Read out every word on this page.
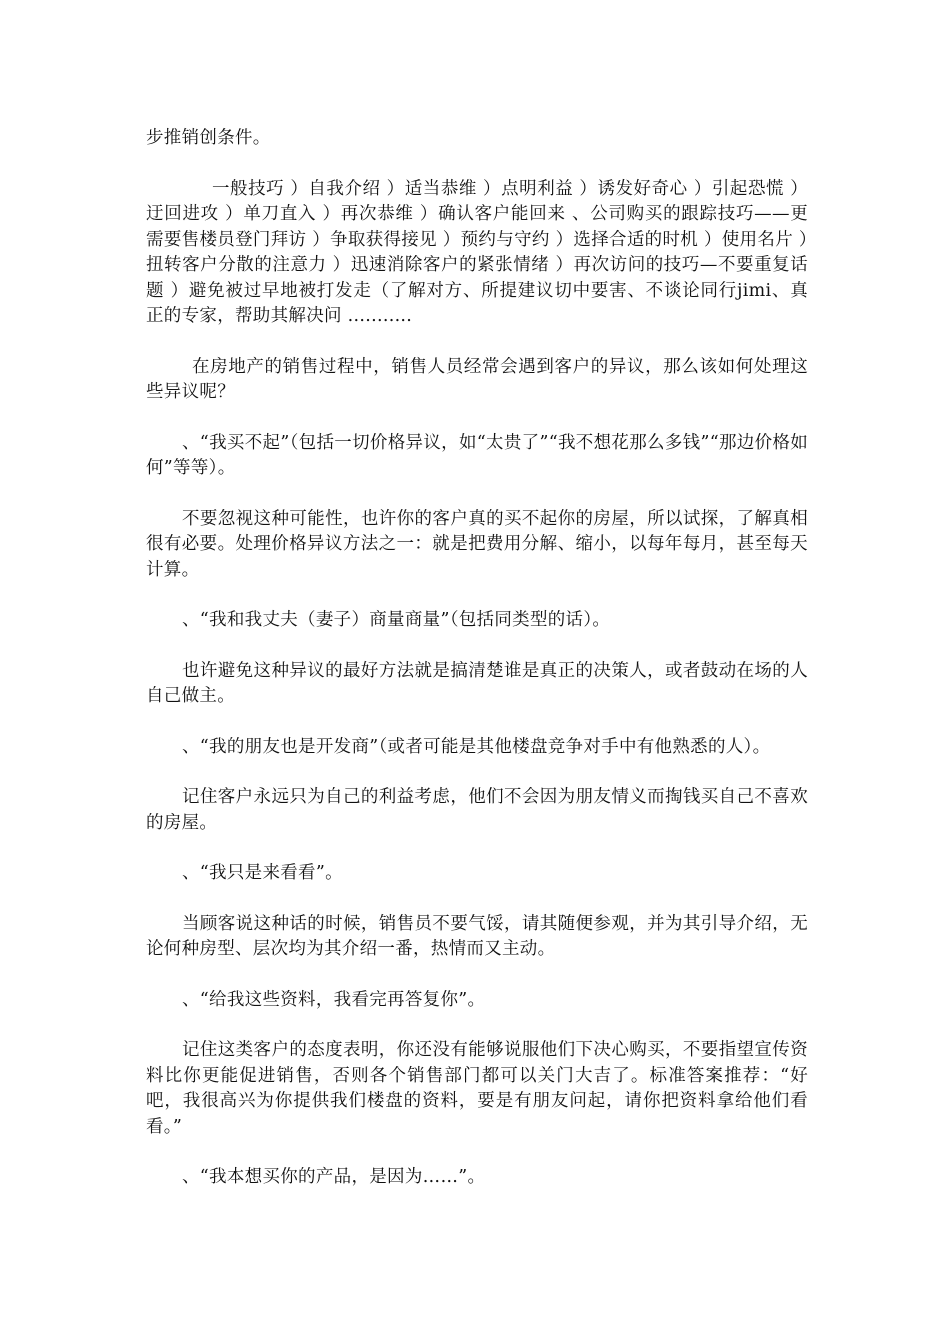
步推销创条件。

一般技巧 ）自我介绍 ）适当恭维 ）点明利益 ）诱发好奇心 ）引起恐慌 ）迂回进攻 ）单刀直入 ）再次恭维 ）确认客户能回来 、公司购买的跟踪技巧——更需要售楼员登门拜访 ）争取获得接见 ）预约与守约 ）选择合适的时机 ）使用名片 ）扭转客户分散的注意力 ）迅速消除客户的紧张情绪 ）再次访问的技巧—不要重复话题 ）避免被过早地被打发走（了解对方、所提建议切中要害、不谈论同行jimi、真正的专家，帮助其解决问 ...........

在房地产的销售过程中，销售人员经常会遇到客户的异议，那么该如何处理这些异议呢？

、“我买不起”（包括一切价格异议，如“太贵了”“我不想花那么多钱”“那边价格如何”等等）。

不要忽视这种可能性，也许你的客户真的买不起你的房屋，所以试探，了解真相很有必要。处理价格异议方法之一：就是把费用分解、缩小，以每年每月，甚至每天计算。

、“我和我丈夫（妻子）商量商量”（包括同类型的话）。

也许避免这种异议的最好方法就是搞清楚谁是真正的决策人，或者鼓动在场的人自己做主。

、“我的朋友也是开发商”（或者可能是其他楼盘竞争对手中有他熟悉的人）。

记住客户永远只为自己的利益考虑，他们不会因为朋友情义而掏钱买自己不喜欢的房屋。

、“我只是来看看”。

当顾客说这种话的时候，销售员不要气馁，请其随便参观，并为其引导介绍，无论何种房型、层次均为其介绍一番，热情而又主动。

、“给我这些资料，我看完再答复你”。

记住这类客户的态度表明，你还没有能够说服他们下决心购买，不要指望宣传资料比你更能促进销售，否则各个销售部门都可以关门大吉了。标准答案推荐：“好吧，我很高兴为你提供我们楼盘的资料，要是有朋友问起，请你把资料拿给他们看看。”

、“我本想买你的产品，是因为……”。
